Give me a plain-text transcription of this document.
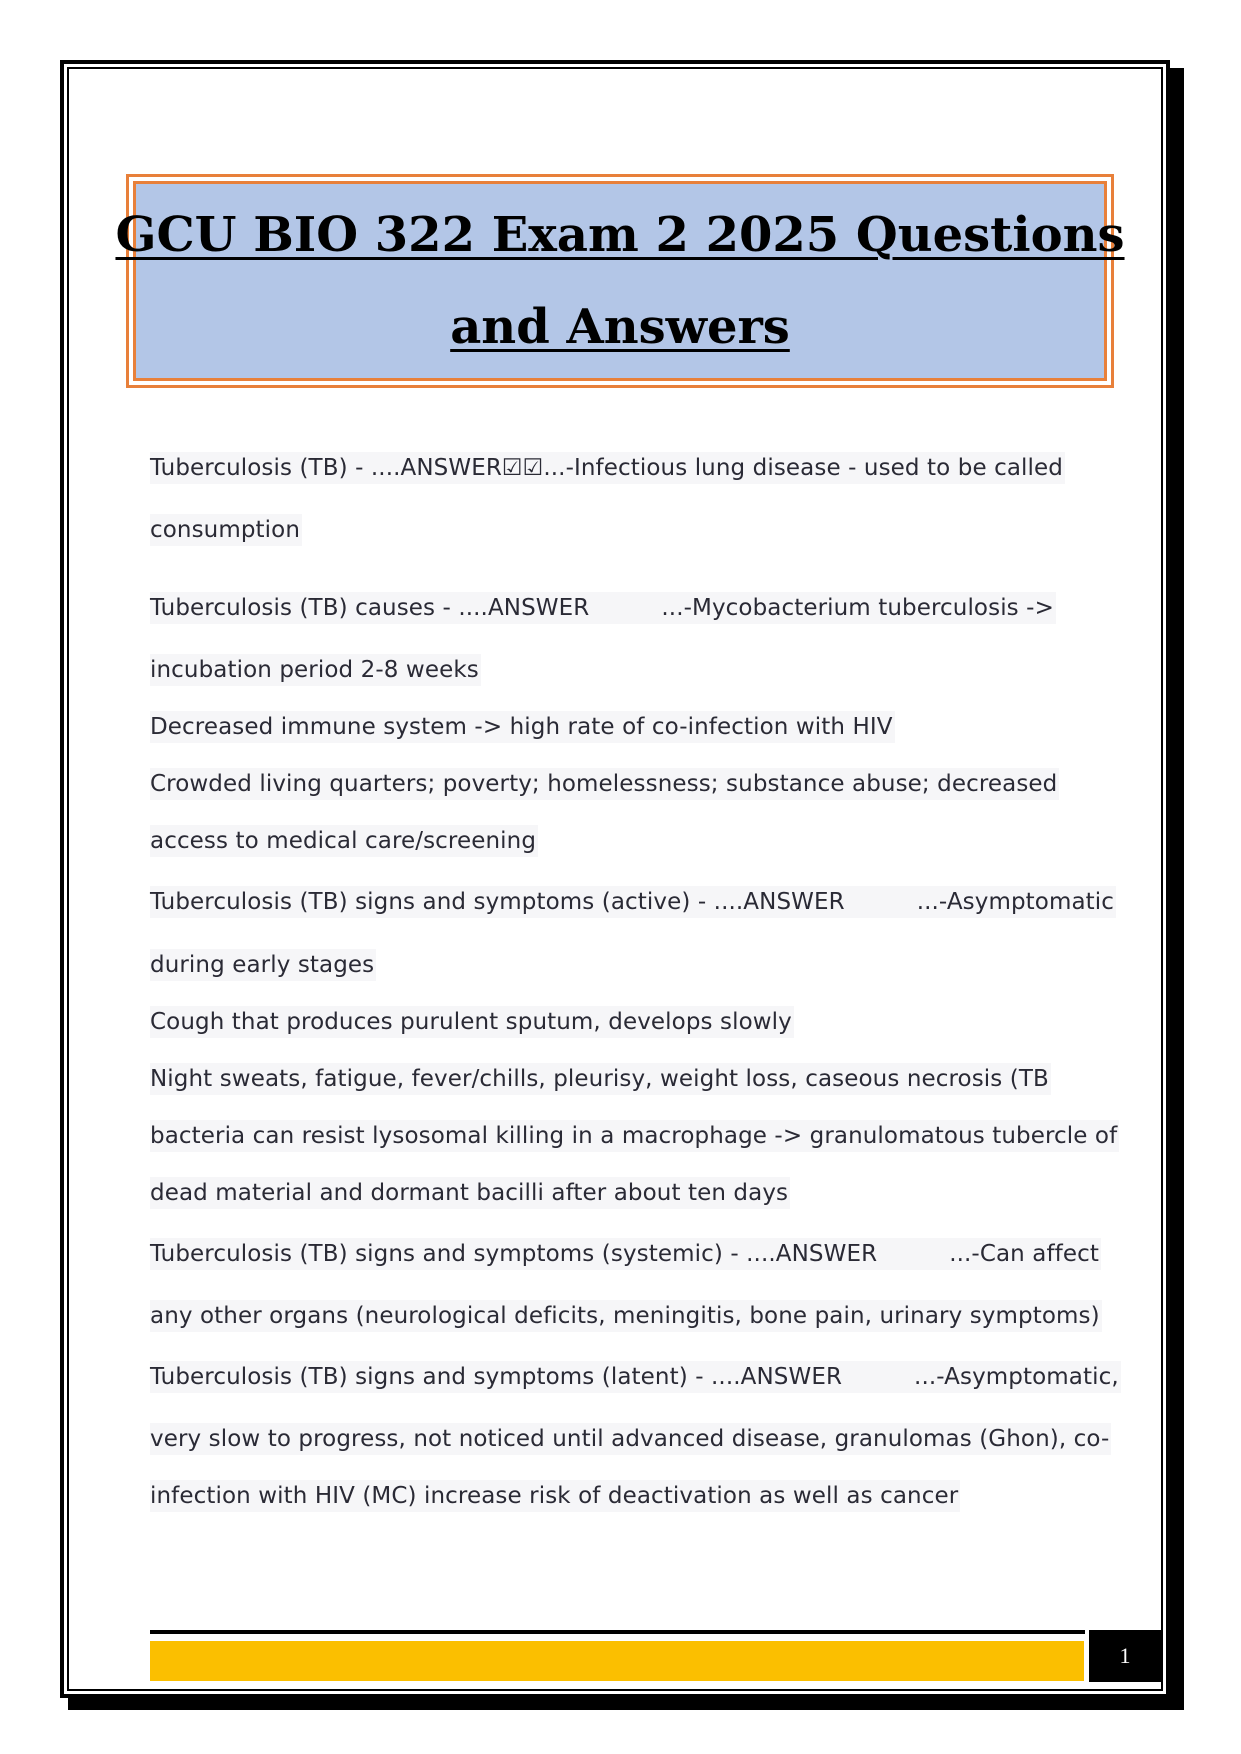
GCU BIO 322 Exam 2 2025 Questions
and Answers
Tuberculosis (TB) - ....ANSWER☑☑...-Infectious lung disease - used to be called
consumption
Tuberculosis (TB) causes - ....ANSWER	...-Mycobacterium tuberculosis ->
incubation period 2-8 weeks
Decreased immune system -> high rate of co-infection with HIV
Crowded living quarters; poverty; homelessness; substance abuse; decreased
access to medical care/screening
Tuberculosis (TB) signs and symptoms (active) - ....ANSWER	...-Asymptomatic
during early stages
Cough that produces purulent sputum, develops slowly
Night sweats, fatigue, fever/chills, pleurisy, weight loss, caseous necrosis (TB
bacteria can resist lysosomal killing in a macrophage -> granulomatous tubercle of
dead material and dormant bacilli after about ten days
Tuberculosis (TB) signs and symptoms (systemic) - ....ANSWER	...-Can affect
any other organs (neurological deficits, meningitis, bone pain, urinary symptoms)
Tuberculosis (TB) signs and symptoms (latent) - ....ANSWER	...-Asymptomatic,
very slow to progress, not noticed until advanced disease, granulomas (Ghon), co-
infection with HIV (MC) increase risk of deactivation as well as cancer
1
